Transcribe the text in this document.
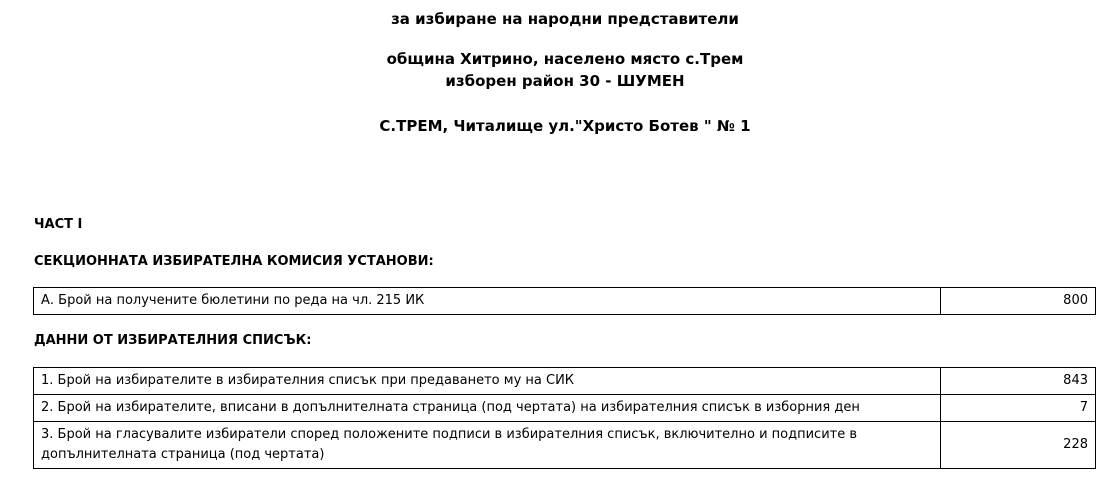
за избиране на народни представители
община Хитрино, населено място с.Трем
изборен район 30 - ШУМЕН
С.ТРЕМ, Читалище ул."Христо Ботев " № 1
ЧАСТ I
СЕКЦИОННАТА ИЗБИРАТЕЛНА КОМИСИЯ УСТАНОВИ:
А. Брой на получените бюлетини по реда на чл. 215 ИК	800
ДАННИ ОТ ИЗБИРАТЕЛНИЯ СПИСЪК:
1. Брой на избирателите в избирателния списък при предаването му на СИК	843
2. Брой на избирателите, вписани в допълнителната страница (под чертата) на избирателния списък в изборния ден	7
3. Брой на гласувалите избиратели според положените подписи в избирателния списък, включително и подписите в допълнителната страница (под чертата)	228
